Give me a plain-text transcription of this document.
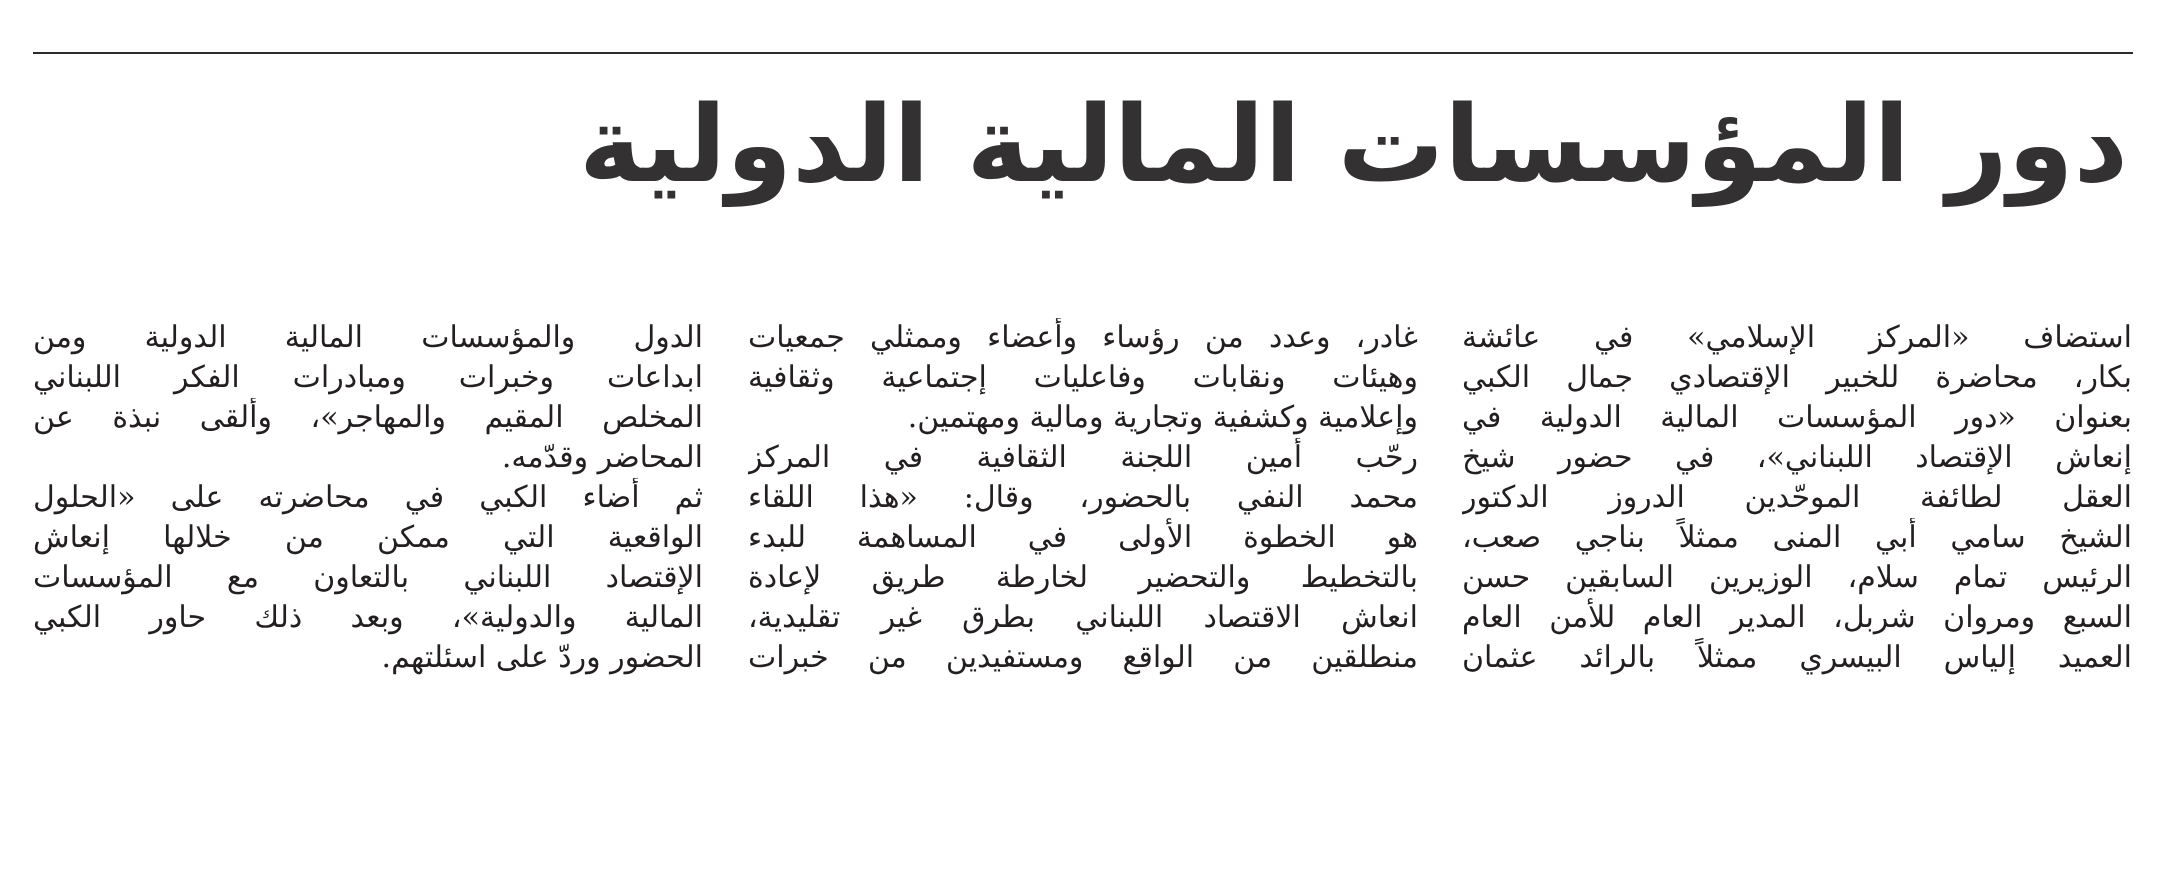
دور المؤسسات المالية الدولية
استضاف «المركز الإسلامي» في عائشة
بكار، محاضرة للخبير الإقتصادي جمال الكبي
بعنوان «دور المؤسسات المالية الدولية في
إنعاش الإقتصاد اللبناني»، في حضور شيخ
العقل لطائفة الموحّدين الدروز الدكتور
الشيخ سامي أبي المنى ممثلاً بناجي صعب،
الرئيس تمام سلام، الوزيرين السابقين حسن
السبع ومروان شربل، المدير العام للأمن العام
العميد إلياس البيسري ممثلاً بالرائد عثمان
غادر، وعدد من رؤساء وأعضاء وممثلي جمعيات
وهيئات ونقابات وفاعليات إجتماعية وثقافية
وإعلامية وكشفية وتجارية ومالية ومهتمين.
رحّب أمين اللجنة الثقافية في المركز
محمد النفي بالحضور، وقال: «هذا اللقاء
هو الخطوة الأولى في المساهمة للبدء
بالتخطيط والتحضير لخارطة طريق لإعادة
انعاش الاقتصاد اللبناني بطرق غير تقليدية،
منطلقين من الواقع ومستفيدين من خبرات
الدول والمؤسسات المالية الدولية ومن
ابداعات وخبرات ومبادرات الفكر اللبناني
المخلص المقيم والمهاجر»، وألقى نبذة عن
المحاضر وقدّمه.
ثم أضاء الكبي في محاضرته على «الحلول
الواقعية التي ممكن من خلالها إنعاش
الإقتصاد اللبناني بالتعاون مع المؤسسات
المالية والدولية»، وبعد ذلك حاور الكبي
الحضور وردّ على اسئلتهم.
